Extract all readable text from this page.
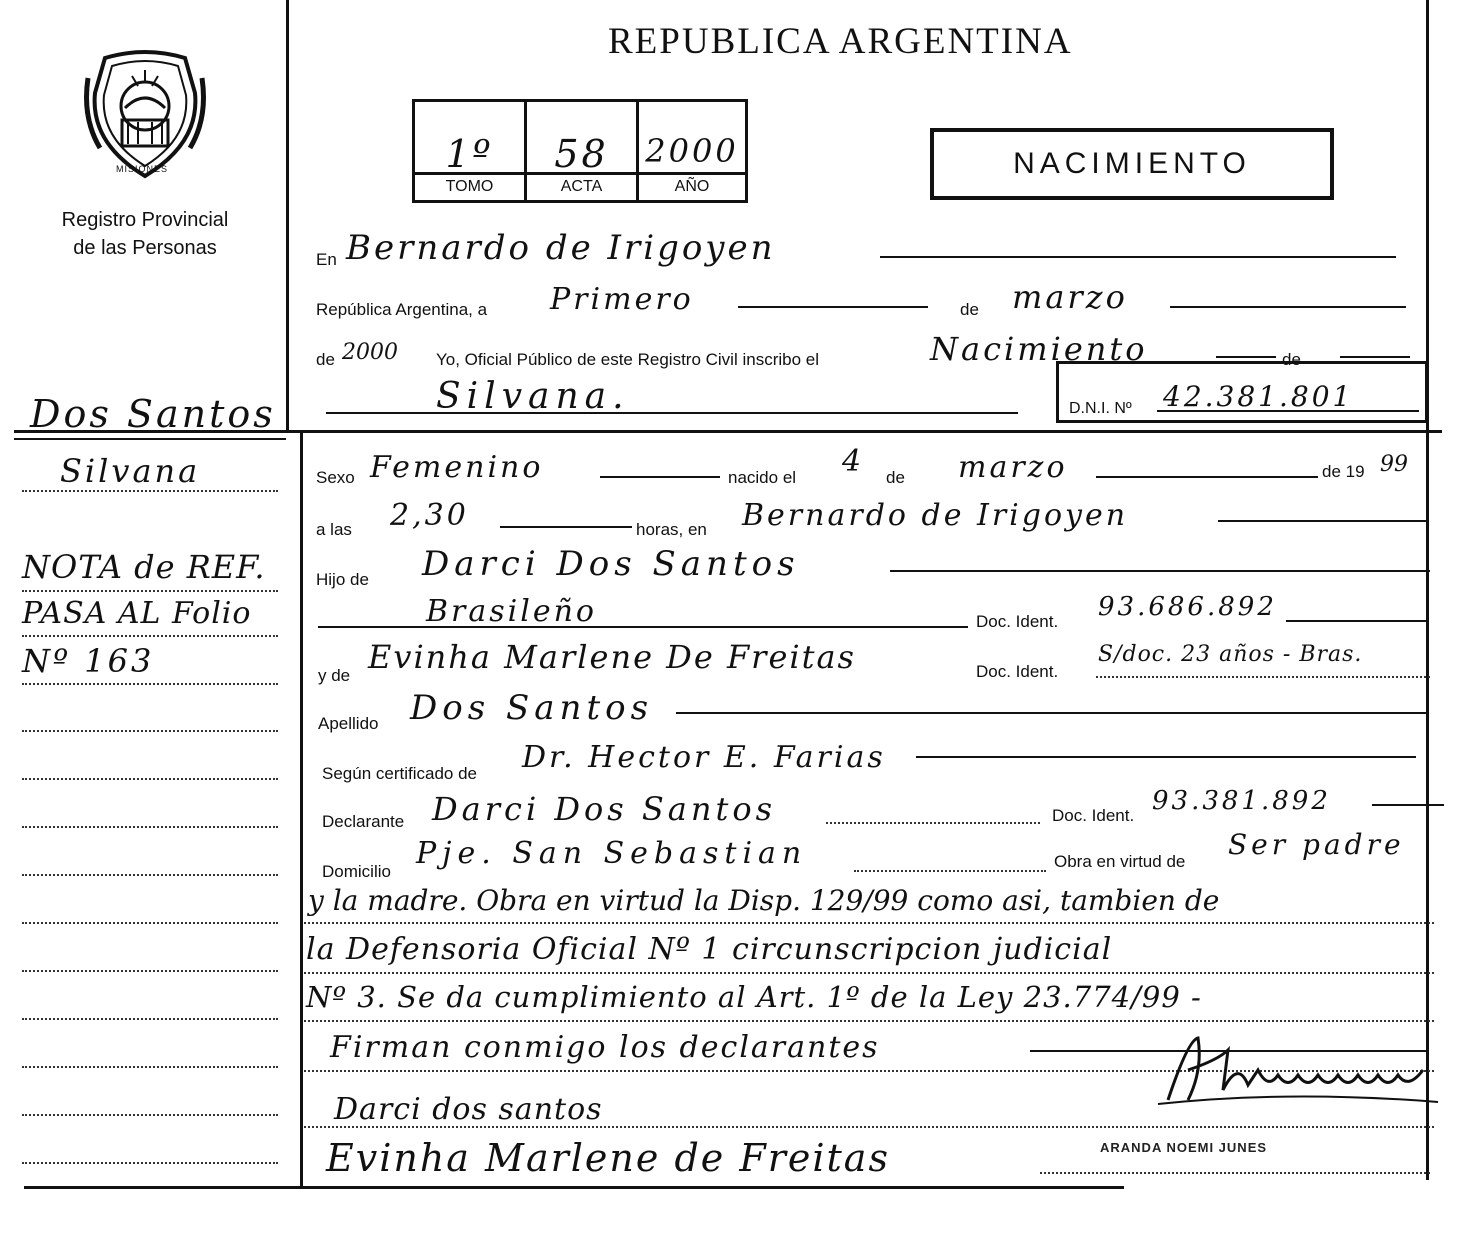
MISIONES
Registro Provincial
de las Personas
REPUBLICA ARGENTINA
1º
TOMO
58
ACTA
2000
AÑO
NACIMIENTO
Dos Santos
Silvana
NOTA de REF.
PASA AL Folio
Nº 163
En Bernardo de Irigoyen
República Argentina, a Primero	de marzo
de 2000 Yo, Oficial Público de este Registro Civil inscribo el	Nacimiento	de
Silvana.	D.N.I. Nº 42.381.801
Sexo Femenino	nacido el 4 de marzo	de 19 99
a las 2,30	horas, en Bernardo de Irigoyen
Hijo de Darci Dos Santos
Brasileño	Doc. Ident. 93.686.892
y de Evinha Marlene De Freitas	Doc. Ident.
S/doc. 23 años - Bras.
Apellido Dos Santos
Según certificado de Dr. Hector E. Farias
Declarante Darci Dos Santos	Doc. Ident. 93.381.892
Domicilio
Pje. San Sebastian	Obra en virtud de
Ser padre
y la madre. Obra en virtud la Disp. 129/99 como asi, tambien de
la Defensoria Oficial Nº 1 circunscripcion judicial
Nº 3. Se da cumplimiento al Art. 1º de la Ley 23.774/99 -
Firman conmigo los declarantes
Darci dos santos
Evinha Marlene de Freitas	ARANDA NOEMI JUNES
